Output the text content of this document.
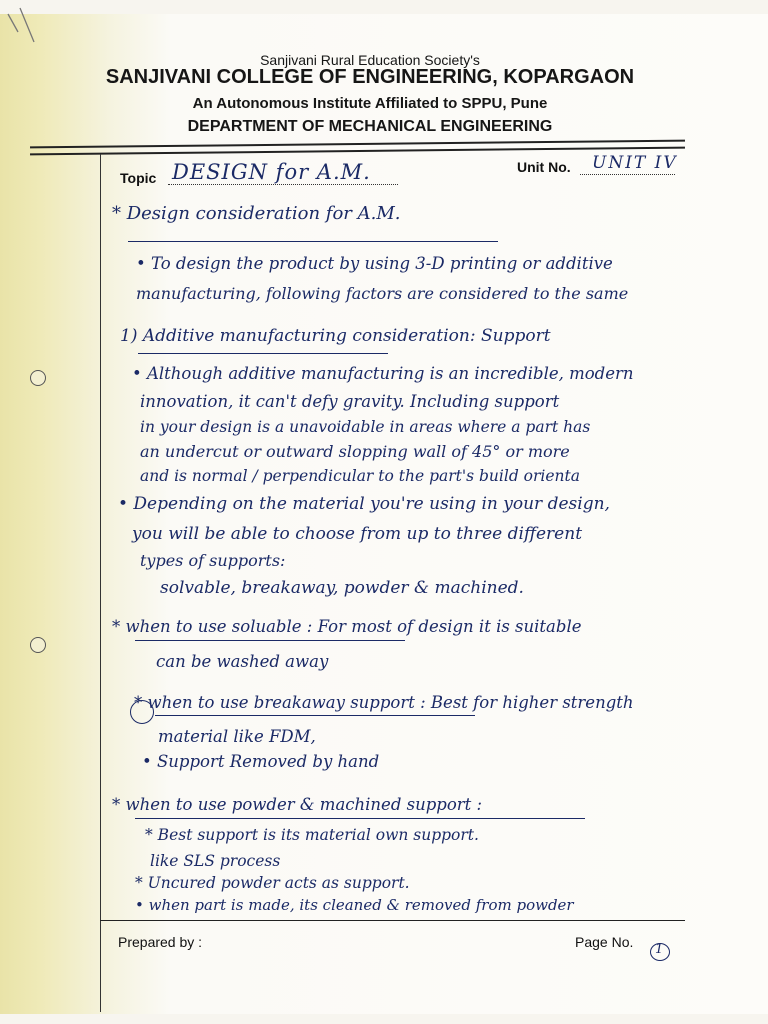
Sanjivani Rural Education Society's
SANJIVANI COLLEGE OF ENGINEERING, KOPARGAON
An Autonomous Institute Affiliated to SPPU, Pune
DEPARTMENT OF MECHANICAL ENGINEERING
Topic DESIGN for A.M.	Unit No. UNIT IV
* Design consideration for A.M.
• To design the product by using 3-D printing or additive
manufacturing, following factors are considered to the same
1) Additive manufacturing consideration: Support
• Although additive manufacturing is an incredible, modern
innovation, it can't defy gravity. Including support
in your design is a unavoidable in areas where a part has
an undercut or outward slopping wall of 45° or more
and is normal / perpendicular to the part's build orienta
• Depending on the material you're using in your design,
you will be able to choose from up to three different
types of supports:
solvable, breakaway, powder & machined.
* when to use soluable : For most of design it is suitable
can be washed away
* when to use breakaway support : Best for higher strength
material like FDM,
• Support Removed by hand
* when to use powder & machined support :
* Best support is its material own support.
like SLS process
* Uncured powder acts as support.
• when part is made, its cleaned & removed from powder
Prepared by :	Page No. 1
